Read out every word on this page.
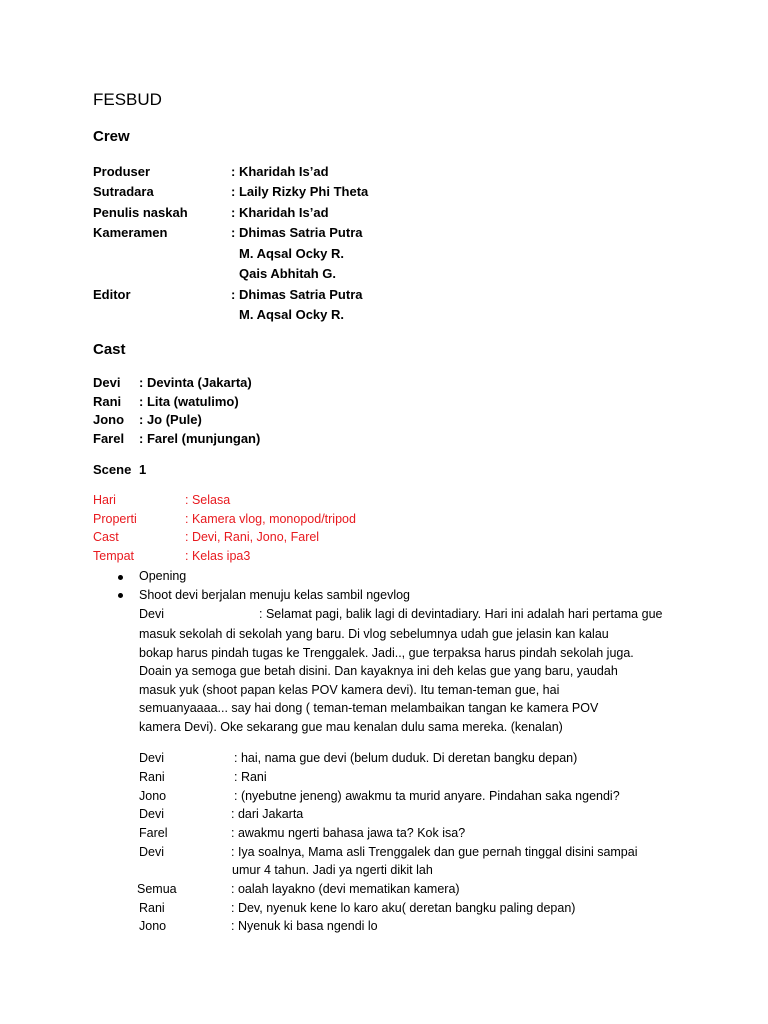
FESBUD
Crew
Produser	: Kharidah Is’ad
Sutradara	: Laily Rizky Phi Theta
Penulis naskah	: Kharidah Is’ad
Kameramen	: Dhimas Satria Putra
M. Aqsal Ocky R.
Qais Abhitah G.
Editor	: Dhimas Satria Putra
M. Aqsal Ocky R.
Cast
Devi : Devinta (Jakarta)
Rani : Lita (watulimo)
Jono : Jo (Pule)
Farel : Farel (munjungan)
Scene 1
Hari	: Selasa
Properti	: Kamera vlog, monopod/tripod
Cast	: Devi, Rani, Jono, Farel
Tempat	: Kelas ipa3
Opening
Shoot devi berjalan menuju kelas sambil ngevlog
Devi	: Selamat pagi, balik lagi di devintadiary. Hari ini adalah hari pertama gue
masuk sekolah di sekolah yang baru. Di vlog sebelumnya udah gue jelasin kan kalau bokap harus pindah tugas ke Trenggalek. Jadi.., gue terpaksa harus pindah sekolah juga. Doain ya semoga gue betah disini. Dan kayaknya ini deh kelas gue yang baru, yaudah masuk yuk (shoot papan kelas POV kamera devi). Itu teman-teman gue, hai semuanyaaaa... say hai dong ( teman-teman melambaikan tangan ke kamera POV kamera Devi). Oke sekarang gue mau kenalan dulu sama mereka. (kenalan)
Devi	: hai, nama gue devi (belum duduk. Di deretan bangku depan)
Rani	: Rani
Jono	: (nyebutne jeneng) awakmu ta murid anyare. Pindahan saka ngendi?
Devi	: dari Jakarta
Farel	: awakmu ngerti bahasa jawa ta? Kok isa?
Devi	: Iya soalnya, Mama asli Trenggalek dan gue pernah tinggal disini sampai
umur 4 tahun. Jadi ya ngerti dikit lah
Semua	: oalah layakno (devi mematikan kamera)
Rani	: Dev, nyenuk kene lo karo aku( deretan bangku paling depan)
Jono	: Nyenuk ki basa ngendi lo
